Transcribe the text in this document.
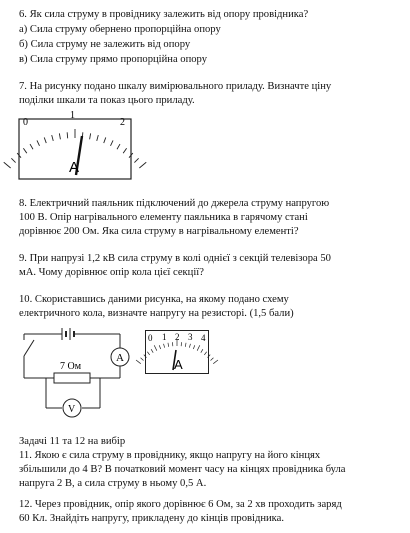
6. Як сила струму в провіднику залежить від опору провідника?
а) Сила струму обернено пропорційна опору
б) Сила струму не залежить від опору
в) Сила струму прямо пропорційна опору
7. На рисунку подано шкалу вимірювального приладу. Визначте ціну
поділки шкали та показ цього приладу.
0
1
2
A
8. Електричний паяльник підключений до джерела струму напругою
100 В. Опір нагрівального елементу паяльника в гарячому стані
дорівнює 200 Ом. Яка сила струму в нагрівальному елементі?
9. При напрузі 1,2 кВ сила струму в колі однієї з секцій телевізора 50
мА. Чому дорівнює опір кола цієї секції?
10. Скориставшись даними рисунка, на якому подано схему
електричного кола, визначте напругу на резисторі. (1,5 бали)
A
7 Ом
V
0 1 2 3 4
A
Задачі 11 та 12 на вибір
11. Якою є сила струму в провіднику, якщо напругу на його кінцях
збільшили до 4 В? В початковий момент часу на кінцях провідника була
напруга 2 В, а сила струму в ньому 0,5 А.
12. Через провідник, опір якого дорівнює 6 Ом, за 2 хв проходить заряд
60 Кл. Знайдіть напругу, прикладену до кінців провідника.
